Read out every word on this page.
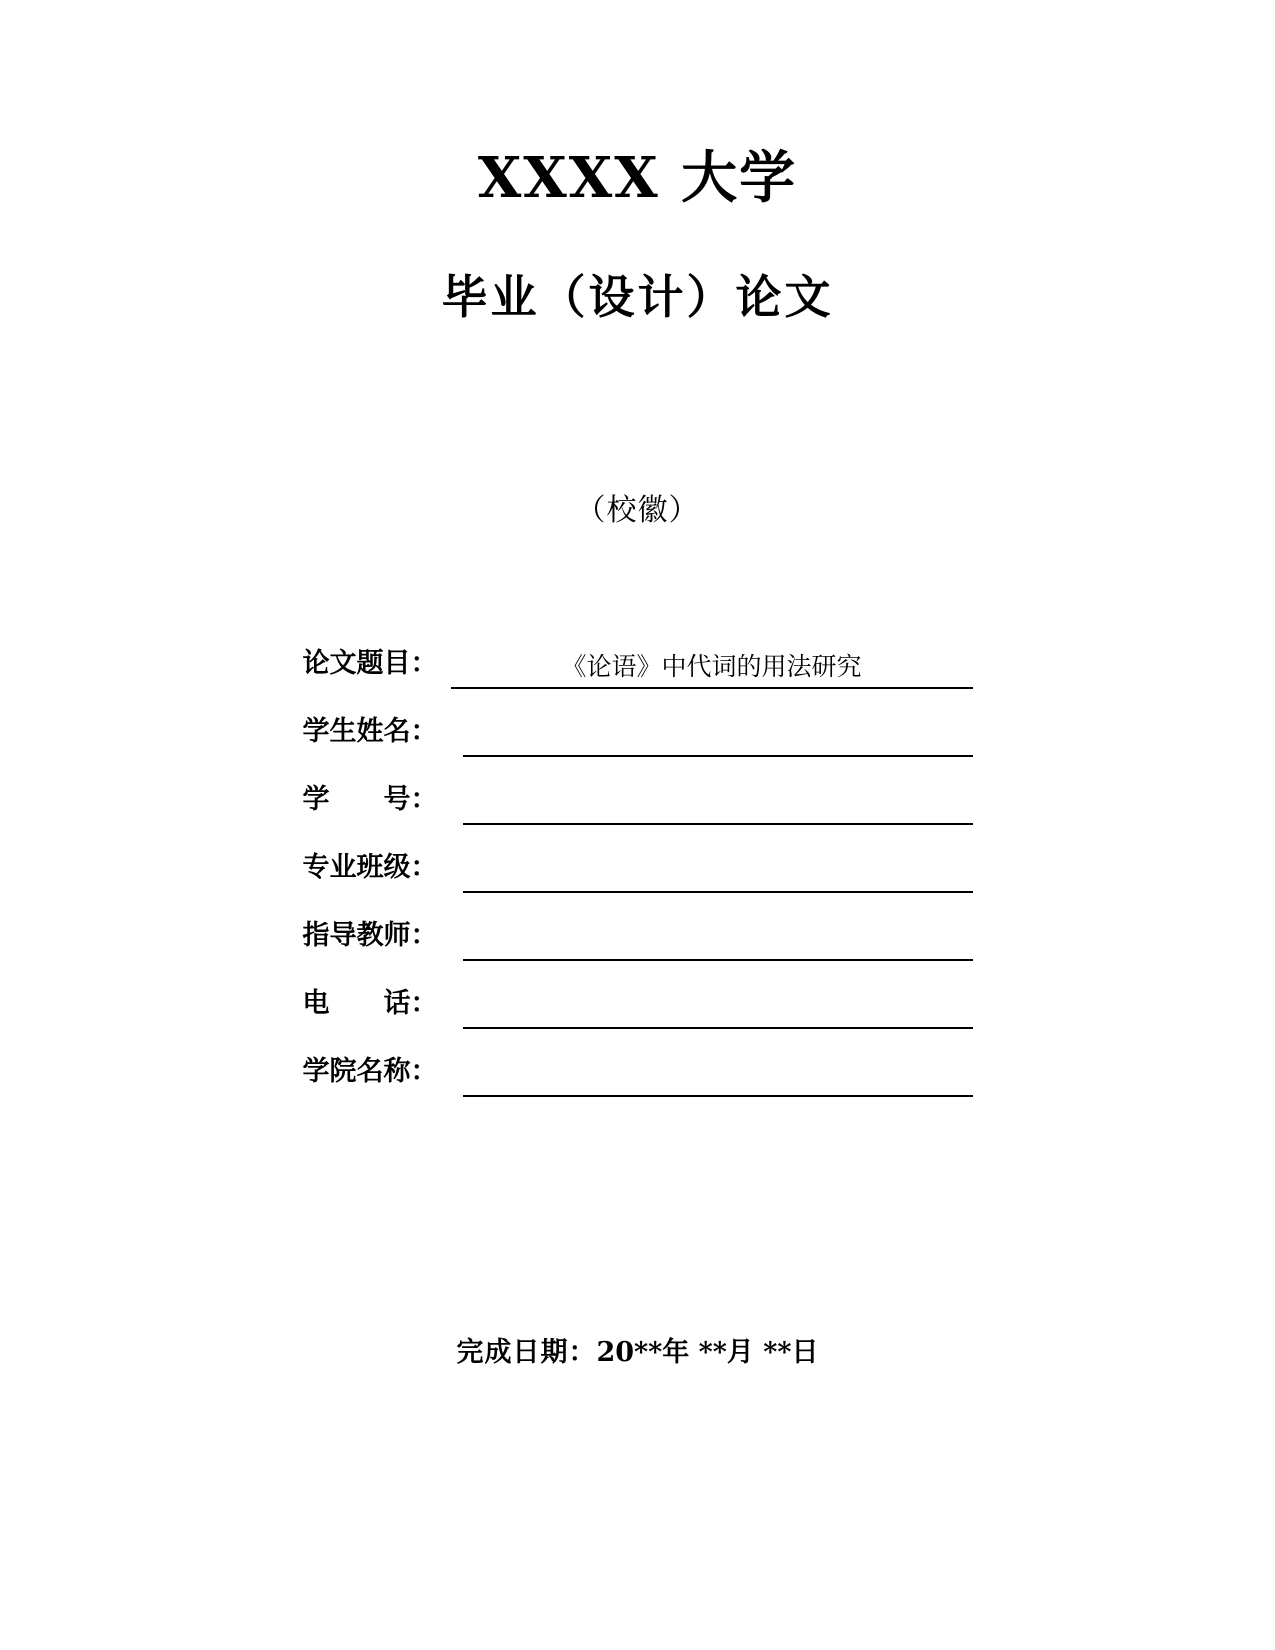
XXXX 大学
毕业（设计）论文
（校徽）
论文题目：	《论语》中代词的用法研究
学生姓名：
学　　号：
专业班级：
指导教师：
电　　话：
学院名称：
完成日期：20**年 **月 **日
